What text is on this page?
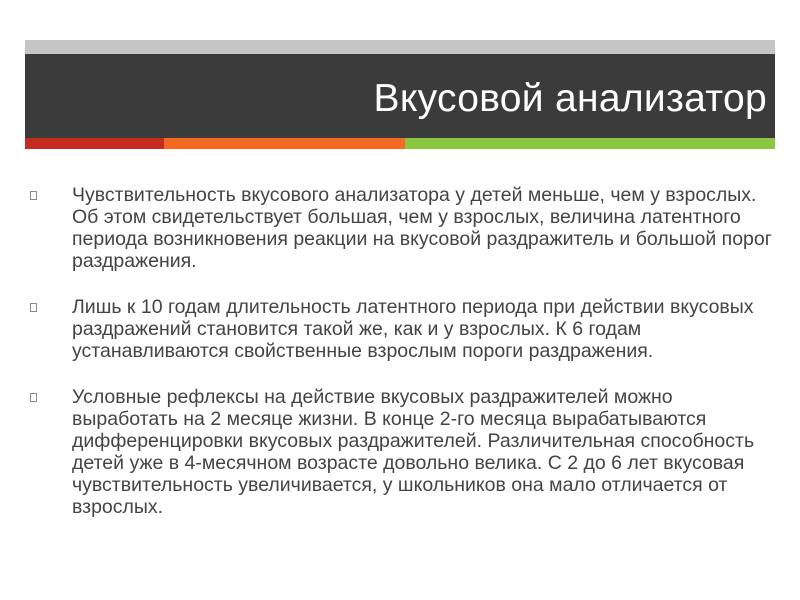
Вкусовой анализатор
Чувствительность вкусового анализатора у детей меньше, чем у взрослых. Об этом свидетельствует большая, чем у взрослых, величина латентного периода возникновения реакции на вкусовой раздражитель и большой порог раздражения.
Лишь к 10 годам длительность латентного периода при действии вкусовых раздражений становится такой же, как и у взрослых. К 6 годам устанавливаются свойственные взрослым пороги раздражения.
Условные рефлексы на действие вкусовых раздражителей можно выработать на 2 месяце жизни. В конце 2-го месяца вырабатываются дифференцировки вкусовых раздражителей. Различительная способность детей уже в 4-месячном возрасте довольно велика. С 2 до 6 лет вкусовая чувствительность увеличивается, у школьников она мало отличается от взрослых.
